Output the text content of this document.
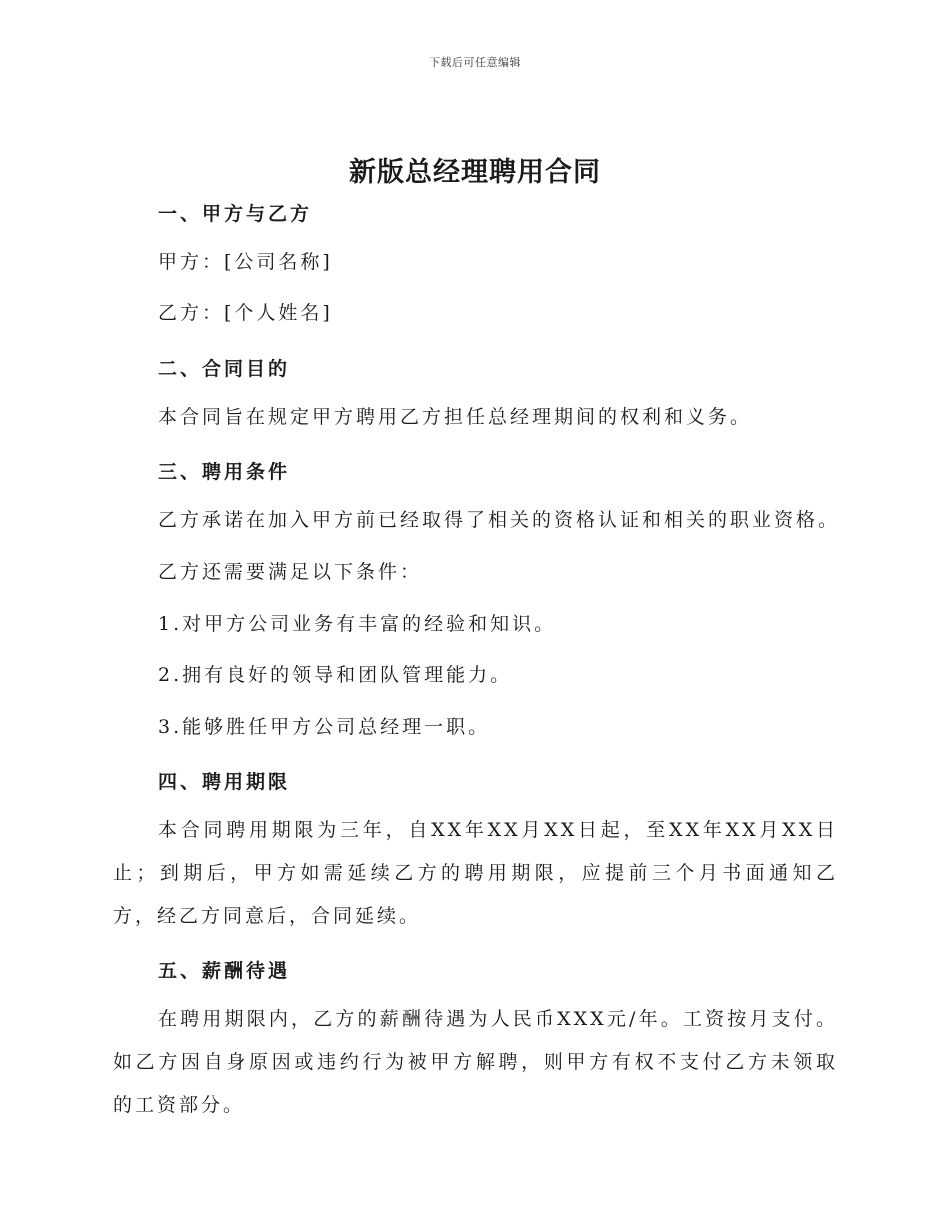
下载后可任意编辑
新版总经理聘用合同
一、甲方与乙方
甲方：[公司名称]
乙方：[个人姓名]
二、合同目的
本合同旨在规定甲方聘用乙方担任总经理期间的权利和义务。
三、聘用条件
乙方承诺在加入甲方前已经取得了相关的资格认证和相关的职业资格。
乙方还需要满足以下条件：
1.对甲方公司业务有丰富的经验和知识。
2.拥有良好的领导和团队管理能力。
3.能够胜任甲方公司总经理一职。
四、聘用期限
本合同聘用期限为三年，自XX年XX月XX日起，至XX年XX月XX日止；到期后，甲方如需延续乙方的聘用期限，应提前三个月书面通知乙方，经乙方同意后，合同延续。
五、薪酬待遇
在聘用期限内，乙方的薪酬待遇为人民币XXX元/年。工资按月支付。如乙方因自身原因或违约行为被甲方解聘，则甲方有权不支付乙方未领取的工资部分。
